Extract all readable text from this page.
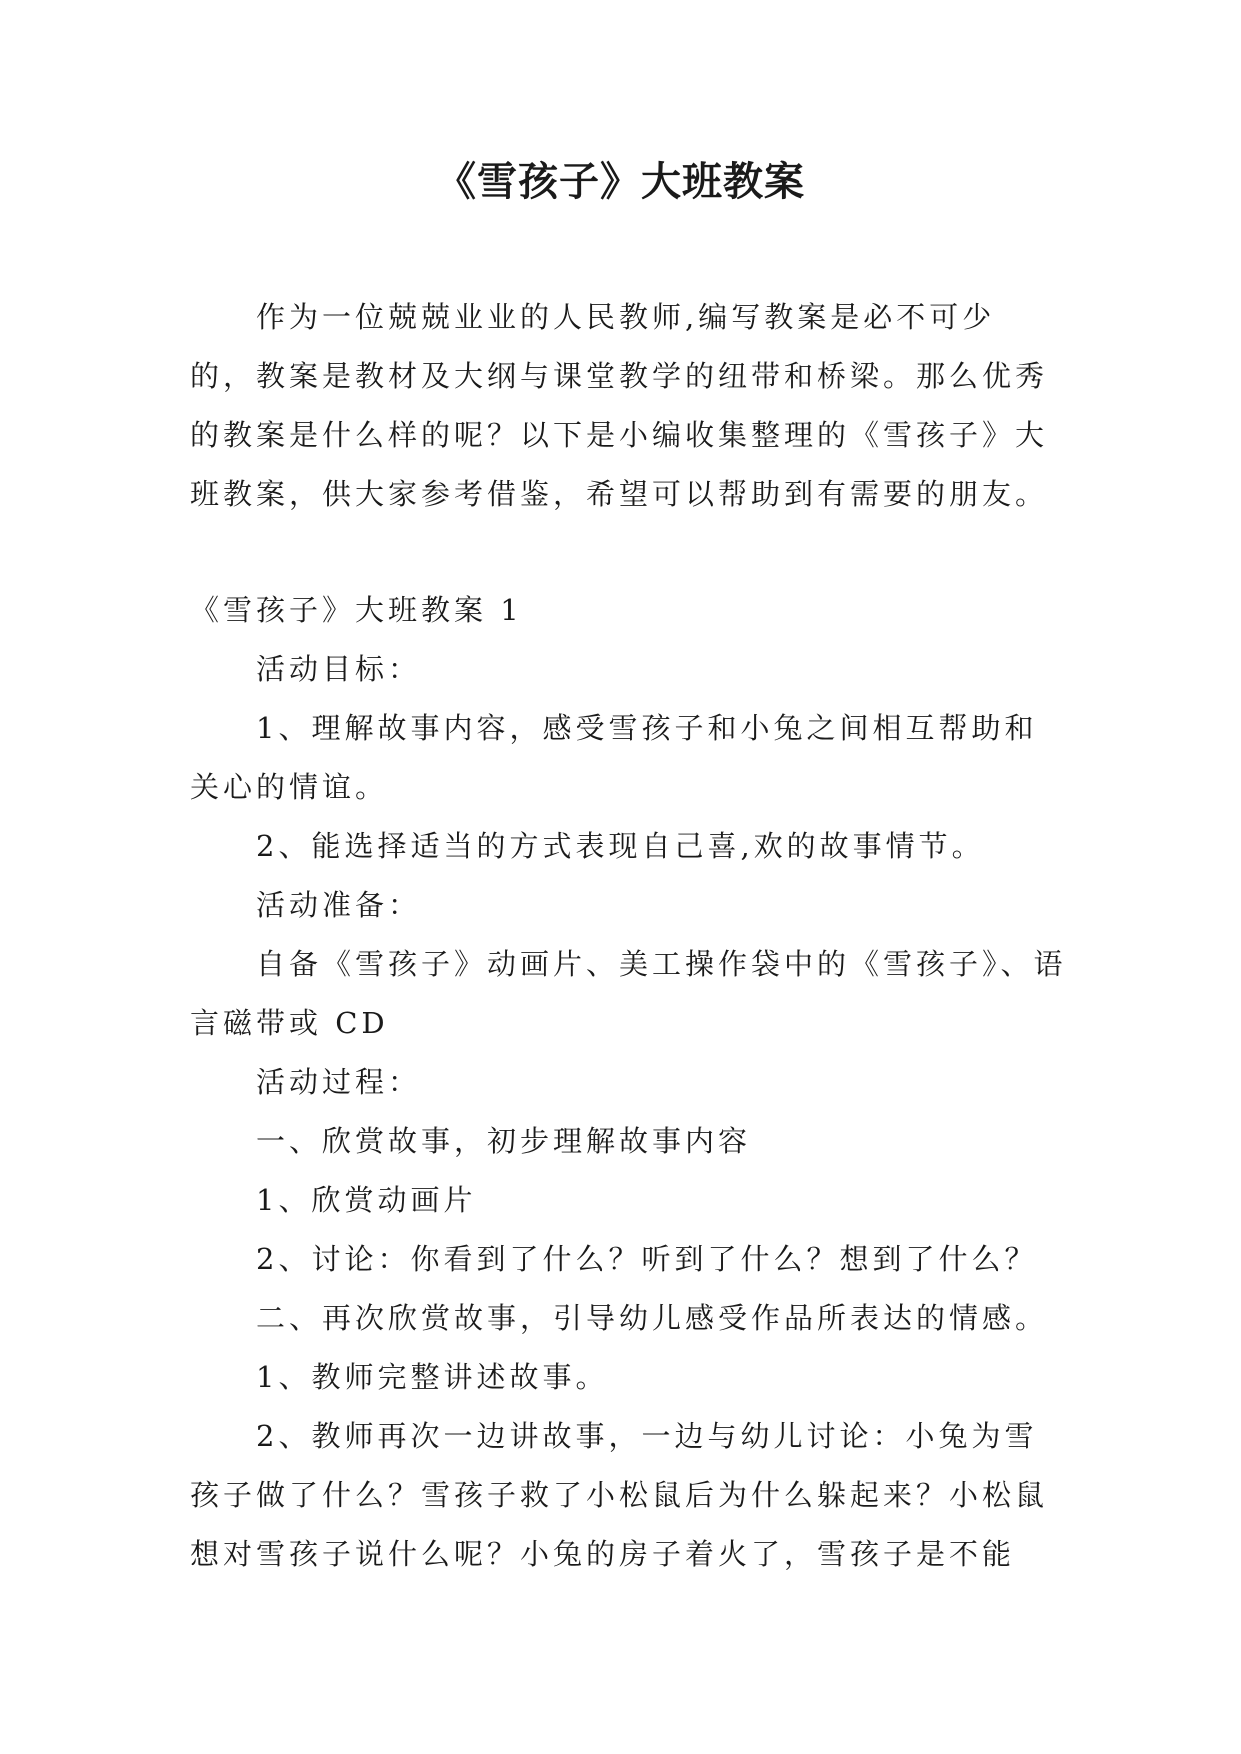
《雪孩子》大班教案

作为一位兢兢业业的人民教师,编写教案是必不可少的，教案是教材及大纲与课堂教学的纽带和桥梁。那么优秀的教案是什么样的呢？以下是小编收集整理的《雪孩子》大班教案，供大家参考借鉴，希望可以帮助到有需要的朋友。

《雪孩子》大班教案 1

活动目标：

1、理解故事内容，感受雪孩子和小兔之间相互帮助和关心的情谊。

2、能选择适当的方式表现自己喜,欢的故事情节。

活动准备：

自备《雪孩子》动画片、美工操作袋中的《雪孩子》、语言磁带或 CD

活动过程：

一、欣赏故事，初步理解故事内容

1、欣赏动画片

2、讨论：你看到了什么？听到了什么？想到了什么？

二、再次欣赏故事，引导幼儿感受作品所表达的情感。

1、教师完整讲述故事。

2、教师再次一边讲故事，一边与幼儿讨论：小兔为雪孩子做了什么？雪孩子救了小松鼠后为什么躲起来？小松鼠想对雪孩子说什么呢？小兔的房子着火了，雪孩子是不能
